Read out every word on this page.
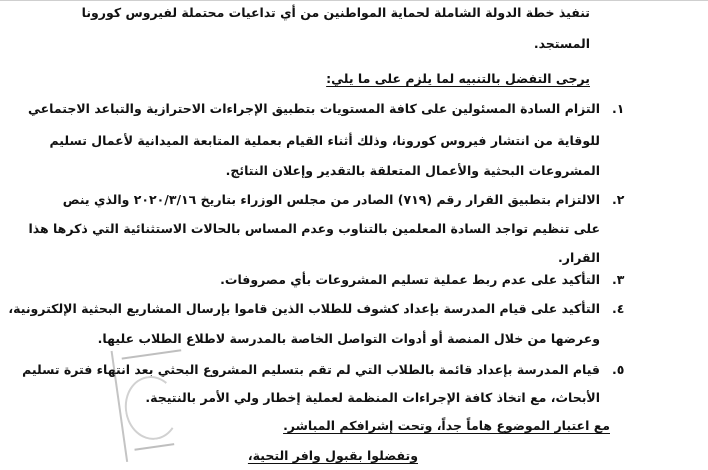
تنفيذ خطة الدولة الشاملة لحماية المواطنين من أي تداعيات محتملة لفيروس كورونا
المستجد.
يرجى التفضل بالتنبيه لما يلزم على ما يلي:
.١
التزام السادة المسئولين على كافة المستويات بتطبيق الإجراءات الاحترازية والتباعد الاجتماعي
للوقاية من انتشار فيروس كورونا، وذلك أثناء القيام بعملية المتابعة الميدانية لأعمال تسليم
المشروعات البحثية والأعمال المتعلقة بالتقدير وإعلان النتائج.
.٢
الالتزام بتطبيق القرار رقم (٧١٩) الصادر من مجلس الوزراء بتاريخ ٢٠٢٠/٣/١٦ والذي ينص
على تنظيم تواجد السادة المعلمين بالتناوب وعدم المساس بالحالات الاستثنائية التي ذكرها هذا
القرار.
.٣
التأكيد على عدم ربط عملية تسليم المشروعات بأي مصروفات.
.٤
التأكيد على قيام المدرسة بإعداد كشوف للطلاب الذين قاموا بإرسال المشاريع البحثية الإلكترونية،
وعرضها من خلال المنصة أو أدوات التواصل الخاصة بالمدرسة لاطلاع الطلاب عليها.
.٥
قيام المدرسة بإعداد قائمة بالطلاب التي لم تقم بتسليم المشروع البحثي بعد انتهاء فترة تسليم
الأبحاث، مع اتخاذ كافة الإجراءات المنظمة لعملية إخطار ولي الأمر بالنتيجة.
مع اعتبار الموضوع هاماً جداً، وتحت إشرافكم المباشر.
وتفضلوا بقبول وافر التحية،
